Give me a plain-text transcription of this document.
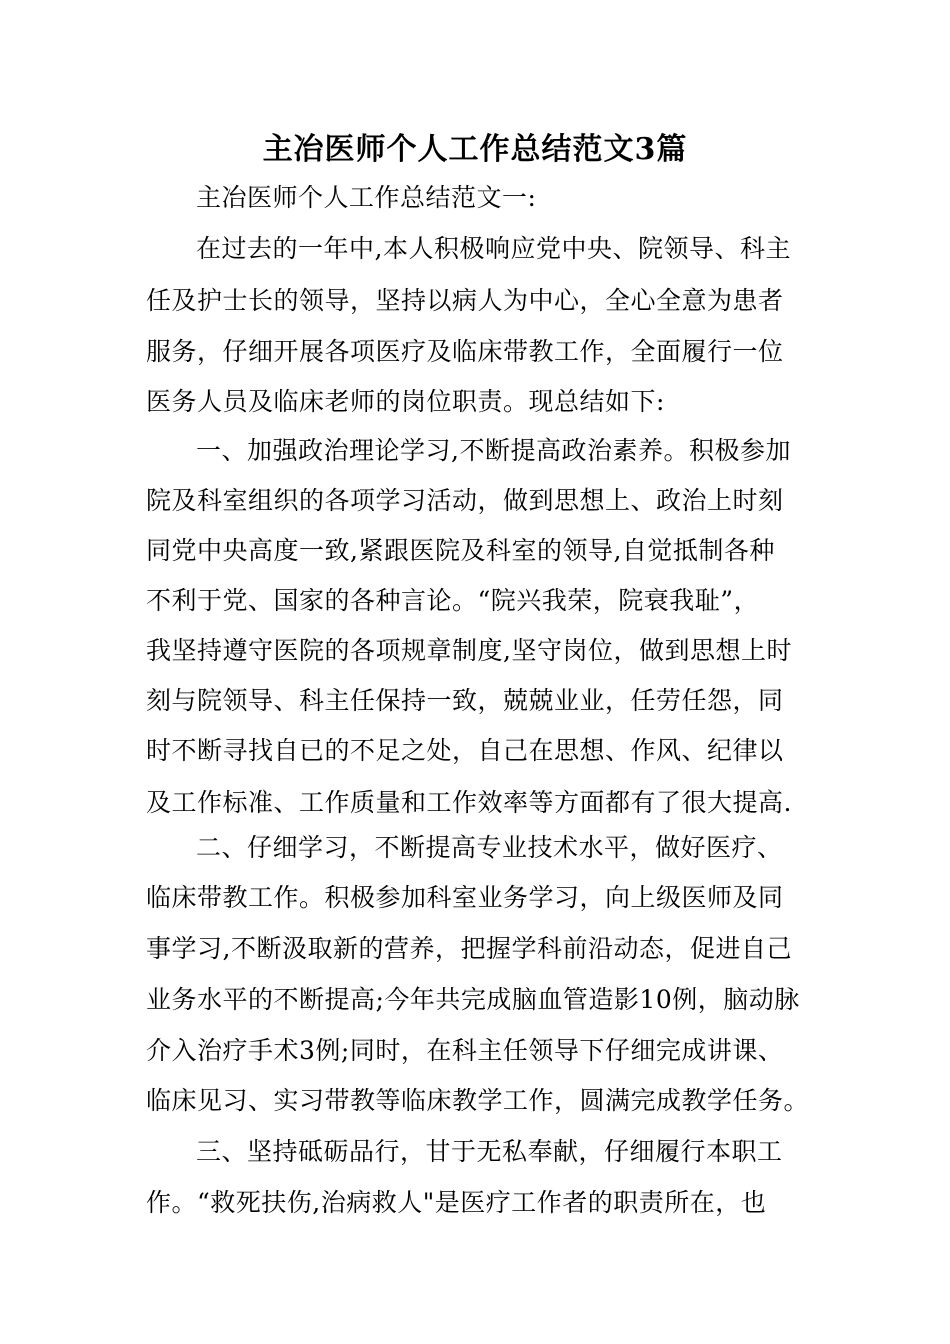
主冶医师个人工作总结范文3篇
主冶医师个人工作总结范文一:
在过去的一年中,本人积极响应党中央、院领导、科主
任及护士长的领导，坚持以病人为中心，全心全意为患者
服务，仔细开展各项医疗及临床带教工作，全面履行一位
医务人员及临床老师的岗位职责。现总结如下:
一、加强政治理论学习,不断提高政治素养。积极参加
院及科室组织的各项学习活动，做到思想上、政治上时刻
同党中央高度一致,紧跟医院及科室的领导,自觉抵制各种
不利于党、国家的各种言论。“院兴我荣，院衰我耻”，
我坚持遵守医院的各项规章制度,坚守岗位，做到思想上时
刻与院领导、科主任保持一致，兢兢业业，任劳任怨，同
时不断寻找自已的不足之处，自己在思想、作风、纪律以
及工作标准、工作质量和工作效率等方面都有了很大提高.
二、仔细学习，不断提高专业技术水平，做好医疗、
临床带教工作。积极参加科室业务学习，向上级医师及同
事学习,不断汲取新的营养，把握学科前沿动态，促进自己
业务水平的不断提高;今年共完成脑血管造影10例，脑动脉
介入治疗手术3例;同时，在科主任领导下仔细完成讲课、
临床见习、实习带教等临床教学工作，圆满完成教学任务。
三、坚持砥砺品行，甘于无私奉献，仔细履行本职工
作。“救死扶伤,治病救人"是医疗工作者的职责所在，也
